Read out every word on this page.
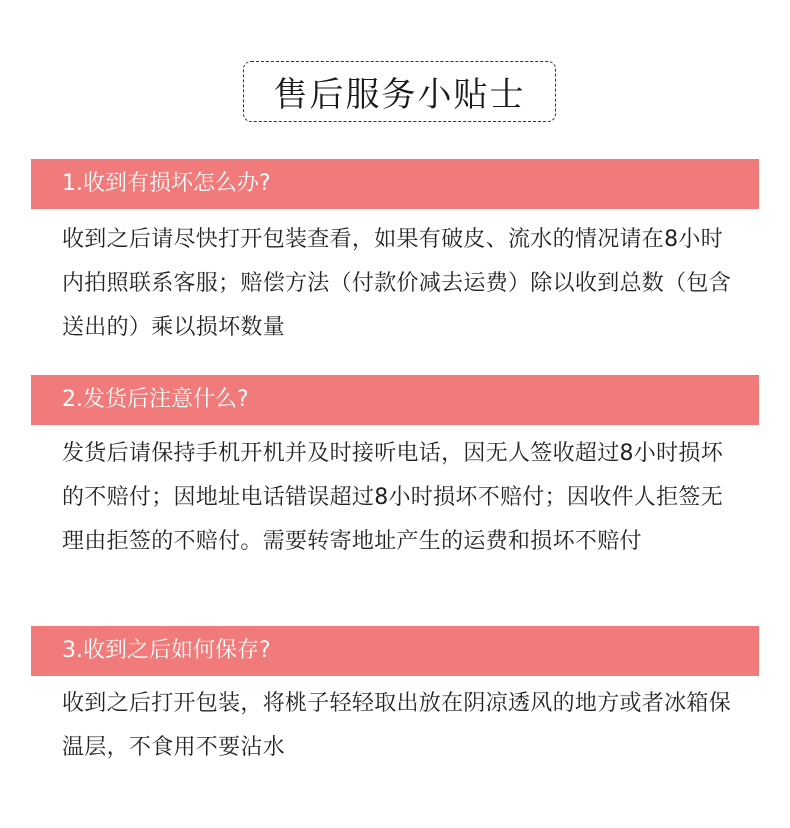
售后服务小贴士
1.收到有损坏怎么办?

收到之后请尽快打开包装查看，如果有破皮、流水的情况请在8小时内拍照联系客服；赔偿方法（付款价减去运费）除以收到总数（包含送出的）乘以损坏数量

2.发货后注意什么?

发货后请保持手机开机并及时接听电话，因无人签收超过8小时损坏的不赔付；因地址电话错误超过8小时损坏不赔付；因收件人拒签无理由拒签的不赔付。需要转寄地址产生的运费和损坏不赔付

3.收到之后如何保存?

收到之后打开包装，将桃子轻轻取出放在阴凉透风的地方或者冰箱保温层，不食用不要沾水
